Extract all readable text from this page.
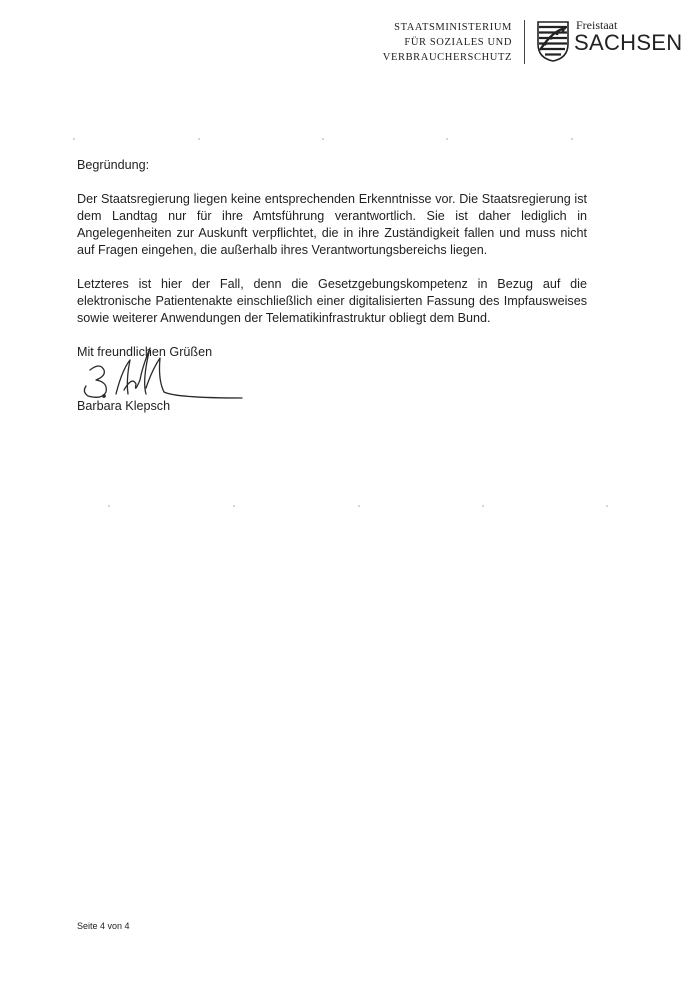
STAATSMINISTERIUM
FÜR SOZIALES UND
VERBRAUCHERSCHUTZ
Freistaat
SACHSEN

Begründung:

Der Staatsregierung liegen keine entsprechenden Erkenntnisse vor. Die Staatsregierung ist dem Landtag nur für ihre Amtsführung verantwortlich. Sie ist daher lediglich in Angelegenheiten zur Auskunft verpflichtet, die in ihre Zuständigkeit fallen und muss nicht auf Fragen eingehen, die außerhalb ihres Verantwortungsbereichs liegen.

Letzteres ist hier der Fall, denn die Gesetzgebungskompetenz in Bezug auf die elektronische Patientenakte einschließlich einer digitalisierten Fassung des Impfausweises sowie weiterer Anwendungen der Telematikinfrastruktur obliegt dem Bund.

Mit freundlichen Grüßen

Barbara Klepsch
Seite 4 von 4
